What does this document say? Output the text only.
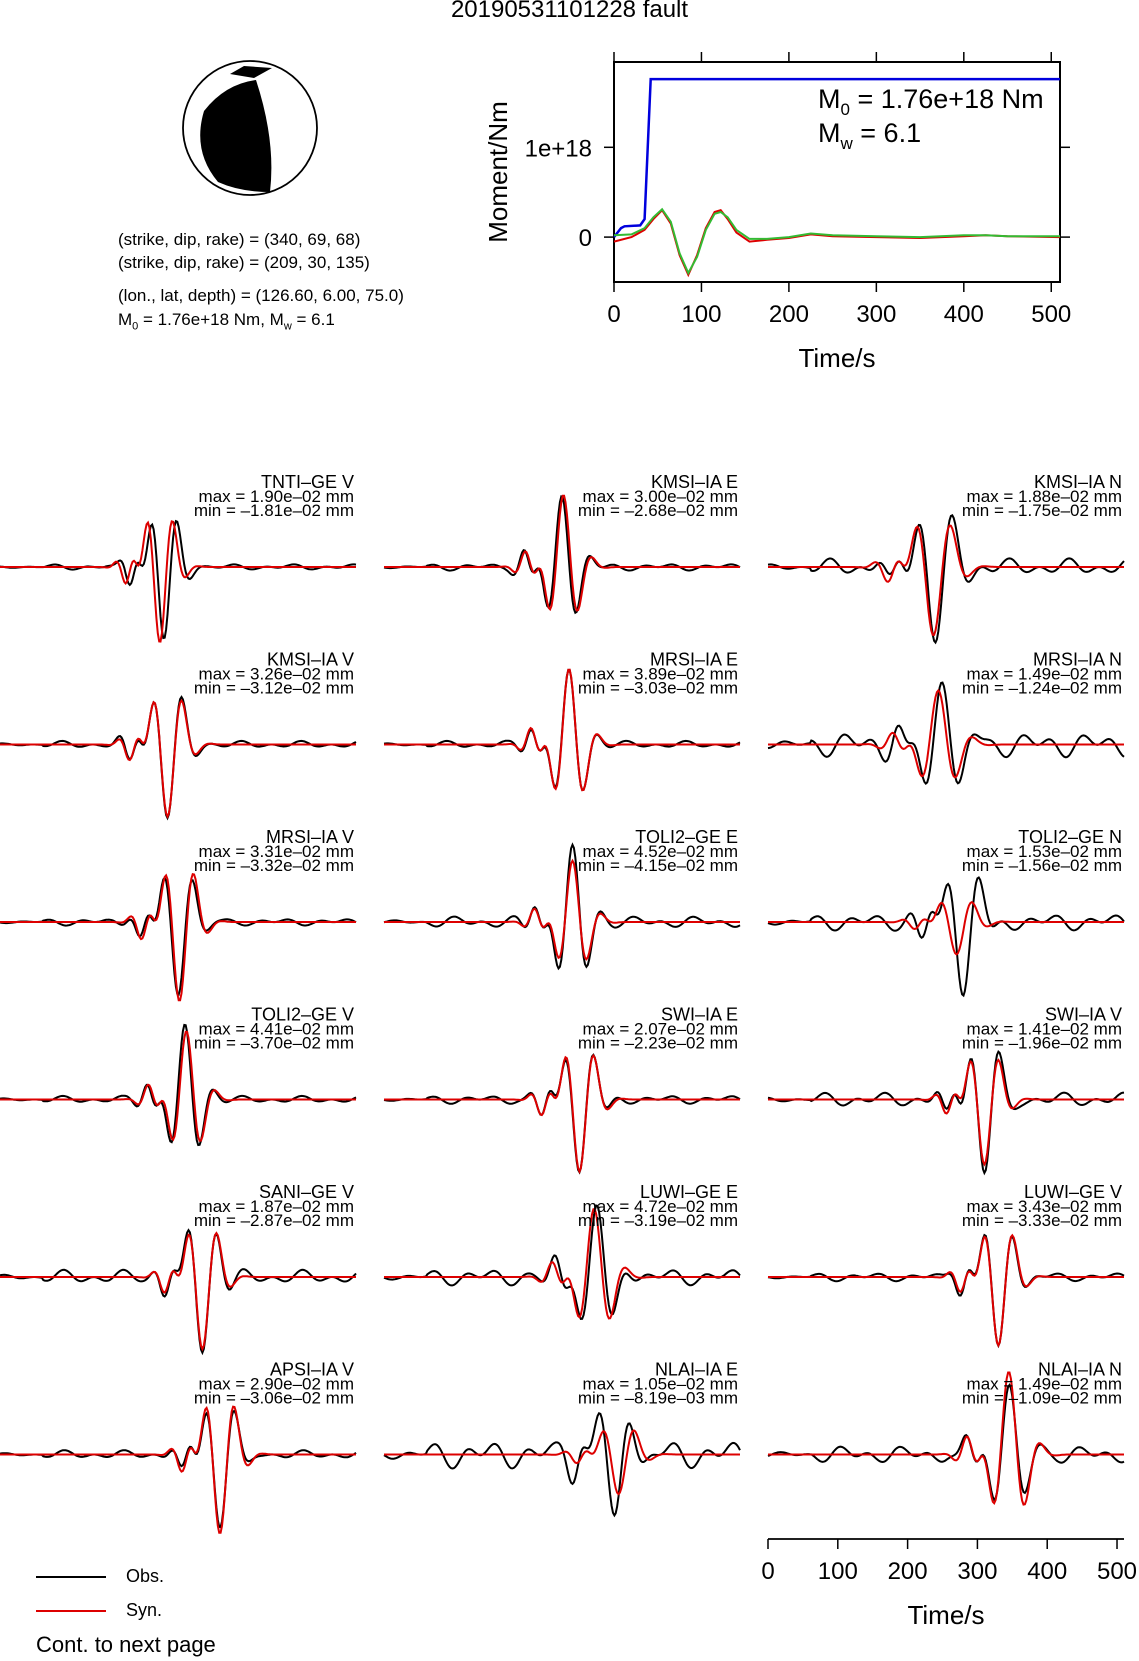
20190531101228 fault
(strike, dip, rake) = (340, 69, 68)
(strike, dip, rake) = (209, 30, 135)
(lon., lat, depth) = (126.60, 6.00, 75.0)
$M_0 = 1.76e+18$ Nm, $M_w = 6.1$	0	100 200 300 400 500
0
1e+18
Time/s
Moment/Nm
$M_0 = 1.76e+18$ Nm
$M_w = 6.1$
TNTI–GE V
max = 1.90e–02 mm
min = –1.81e–02 mm
KMSI–IA E
max = 3.00e–02 mm
min = –2.68e–02 mm
KMSI–IA N
max = 1.88e–02 mm
min = –1.75e–02 mm
KMSI–IA V
max = 3.26e–02 mm
min = –3.12e–02 mm
MRSI–IA E
max = 3.89e–02 mm
min = –3.03e–02 mm
MRSI–IA N
max = 1.49e–02 mm
min = –1.24e–02 mm
MRSI–IA V
max = 3.31e–02 mm
min = –3.32e–02 mm
TOLI2–GE E
max = 4.52e–02 mm
min = –4.15e–02 mm
TOLI2–GE N
max = 1.53e–02 mm
min = –1.56e–02 mm
TOLI2–GE V
max = 4.41e–02 mm
min = –3.70e–02 mm
SWI–IA E
max = 2.07e–02 mm
min = –2.23e–02 mm
SWI–IA V
max = 1.41e–02 mm
min = –1.96e–02 mm
SANI–GE V
max = 1.87e–02 mm
min = –2.87e–02 mm
LUWI–GE E
max = 4.72e–02 mm
min = –3.19e–02 mm
LUWI–GE V
max = 3.43e–02 mm
min = –3.33e–02 mm
APSI–IA V
max = 2.90e–02 mm
min = –3.06e–02 mm
NLAI–IA E
max = 1.05e–02 mm
min = –8.19e–03 mm
NLAI–IA N
max = 1.49e–02 mm
min = –1.09e–02 mm
0 100 200 300 400 500
Time/s
Obs.
Syn.
Cont. to next page
